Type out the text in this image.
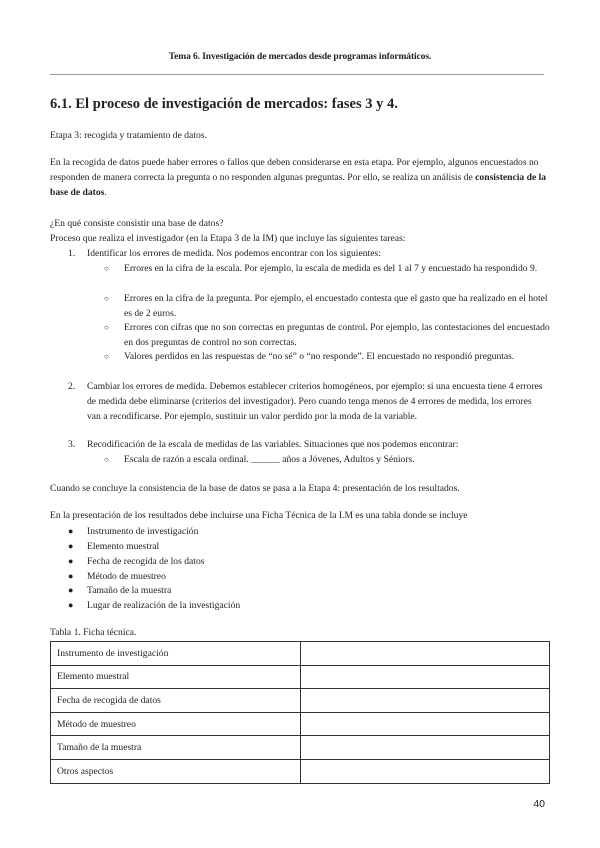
Tema 6. Investigación de mercados desde programas informáticos.
6.1. El proceso de investigación de mercados: fases 3 y 4.
Etapa 3: recogida y tratamiento de datos.
En la recogida de datos puede haber errores o fallos que deben considerarse en esta etapa. Por ejemplo, algunos encuestados no responden de manera correcta la pregunta o no responden algunas preguntas. Por ello, se realiza un análisis de consistencia de la base de datos.
¿En qué consiste consistir una base de datos?
Proceso que realiza el investigador (en la Etapa 3 de la IM) que incluye las siguientes tareas:
1. Identificar los errores de medida. Nos podemos encontrar con los siguientes:
○ Errores en la cifra de la escala. Por ejemplo, la escala de medida es del 1 al 7 y encuestado ha respondido 9.
○ Errores en la cifra de la pregunta. Por ejemplo, el encuestado contesta que el gasto que ha realizado en el hotel es de 2 euros.
○ Errores con cifras que no son correctas en preguntas de control. Por ejemplo, las contestaciones del encuestado en dos preguntas de control no son correctas.
○ Valores perdidos en las respuestas de “no sé” o “no responde”. El encuestado no respondió preguntas.
2. Cambiar los errores de medida. Debemos establecer criterios homogéneos, por ejemplo: si una encuesta tiene 4 errores de medida debe eliminarse (criterios del investigador). Pero cuando tenga menos de 4 errores de medida, los errores van a recodificarse. Por ejemplo, sustituir un valor perdido por la moda de la variable.
3. Recodificación de la escala de medidas de las variables. Situaciones que nos podemos encontrar:
○ Escala de razón a escala ordinal. ______ años a Jóvenes, Adultos y Séniors.
Cuando se concluye la consistencia de la base de datos se pasa a la Etapa 4: presentación de los resultados.
En la presentación de los resultados debe incluirse una Ficha Técnica de la I.M es una tabla donde se incluye
● Instrumento de investigación
● Elemento muestral
● Fecha de recogida de los datos
● Método de muestreo
● Tamaño de la muestra
● Lugar de realización de la investigación
Tabla 1. Ficha técnica.
Instrumento de investigación	
Elemento muestral	
Fecha de recogida de datos	
Método de muestreo	
Tamaño de la muestra	
Otros aspectos	
40
